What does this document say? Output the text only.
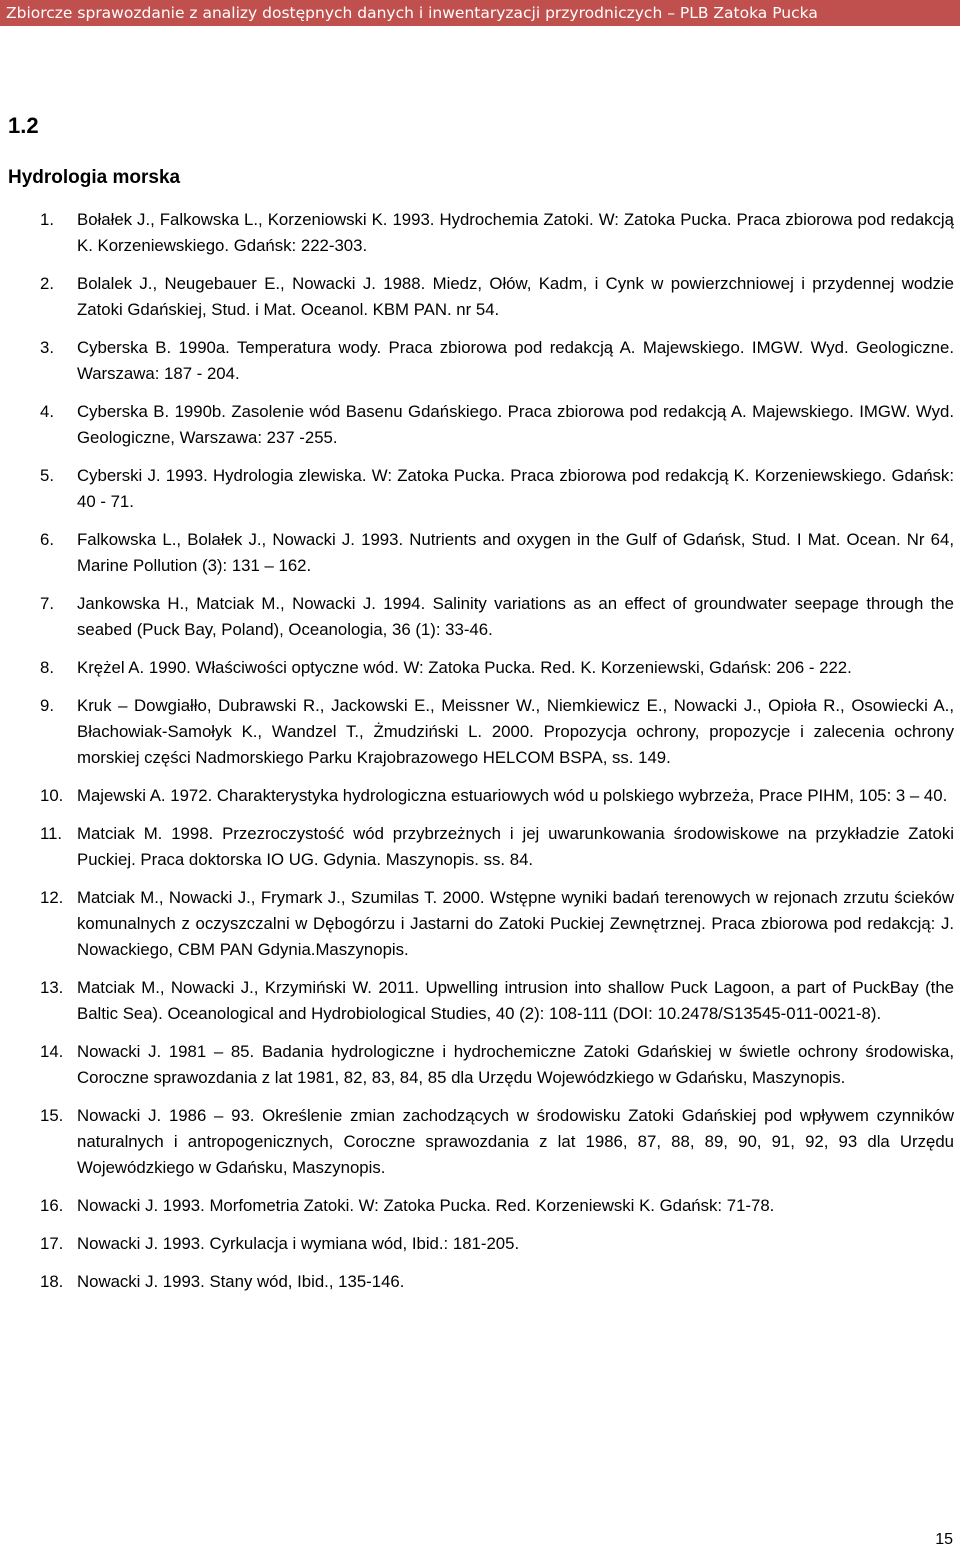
Zbiorcze sprawozdanie z analizy dostępnych danych i inwentaryzacji przyrodniczych – PLB Zatoka Pucka
1.2
Hydrologia morska
1. Bołałek J., Falkowska L., Korzeniowski K. 1993. Hydrochemia Zatoki. W: Zatoka Pucka. Praca zbiorowa pod redakcją K. Korzeniewskiego. Gdańsk: 222-303.
2. Bolalek J., Neugebauer E., Nowacki J. 1988. Miedz, Ołów, Kadm, i Cynk w powierzchniowej i przydennej wodzie Zatoki Gdańskiej, Stud. i Mat. Oceanol. KBM PAN. nr 54.
3. Cyberska B. 1990a. Temperatura wody. Praca zbiorowa pod redakcją A. Majewskiego. IMGW. Wyd. Geologiczne. Warszawa: 187 - 204.
4. Cyberska B. 1990b. Zasolenie wód Basenu Gdańskiego. Praca zbiorowa pod redakcją A. Majewskiego. IMGW. Wyd. Geologiczne, Warszawa: 237 -255.
5. Cyberski J. 1993. Hydrologia zlewiska. W: Zatoka Pucka. Praca zbiorowa pod redakcją K. Korzeniewskiego. Gdańsk: 40 - 71.
6. Falkowska L., Bolałek J., Nowacki J. 1993. Nutrients and oxygen in the Gulf of Gdańsk, Stud. I Mat. Ocean. Nr 64, Marine Pollution (3): 131 – 162.
7. Jankowska H., Matciak M., Nowacki J. 1994. Salinity variations as an effect of groundwater seepage through the seabed (Puck Bay, Poland), Oceanologia, 36 (1): 33-46.
8. Krężel A. 1990. Właściwości optyczne wód. W: Zatoka Pucka. Red. K. Korzeniewski, Gdańsk: 206 - 222.
9. Kruk – Dowgiałło, Dubrawski R., Jackowski E., Meissner W., Niemkiewicz E., Nowacki J., Opioła R., Osowiecki A., Błachowiak-Samołyk K., Wandzel T., Żmudziński L. 2000. Propozycja ochrony, propozycje i zalecenia ochrony morskiej części Nadmorskiego Parku Krajobrazowego HELCOM BSPA, ss. 149.
10. Majewski A. 1972. Charakterystyka hydrologiczna estuariowych wód u polskiego wybrzeża, Prace PIHM, 105: 3 – 40.
11. Matciak M. 1998. Przezroczystość wód przybrzeżnych i jej uwarunkowania środowiskowe na przykładzie Zatoki Puckiej. Praca doktorska IO UG. Gdynia. Maszynopis. ss. 84.
12. Matciak M., Nowacki J., Frymark J., Szumilas T. 2000. Wstępne wyniki badań terenowych w rejonach zrzutu ścieków komunalnych z oczyszczalni w Dębogórzu i Jastarni do Zatoki Puckiej Zewnętrznej. Praca zbiorowa pod redakcją: J. Nowackiego, CBM PAN Gdynia.Maszynopis.
13. Matciak M., Nowacki J., Krzymiński W. 2011. Upwelling intrusion into shallow Puck Lagoon, a part of PuckBay (the Baltic Sea). Oceanological and Hydrobiological Studies, 40 (2): 108-111 (DOI: 10.2478/S13545-011-0021-8).
14. Nowacki J. 1981 – 85. Badania hydrologiczne i hydrochemiczne Zatoki Gdańskiej w świetle ochrony środowiska, Coroczne sprawozdania z lat 1981, 82, 83, 84, 85 dla Urzędu Wojewódzkiego w Gdańsku, Maszynopis.
15. Nowacki J. 1986 – 93. Określenie zmian zachodzących w środowisku Zatoki Gdańskiej pod wpływem czynników naturalnych i antropogenicznych, Coroczne sprawozdania z lat 1986, 87, 88, 89, 90, 91, 92, 93 dla Urzędu Wojewódzkiego w Gdańsku, Maszynopis.
16. Nowacki J. 1993. Morfometria Zatoki. W: Zatoka Pucka. Red. Korzeniewski K. Gdańsk: 71-78.
17. Nowacki J. 1993. Cyrkulacja i wymiana wód, Ibid.: 181-205.
18. Nowacki J. 1993. Stany wód, Ibid., 135-146.
15
